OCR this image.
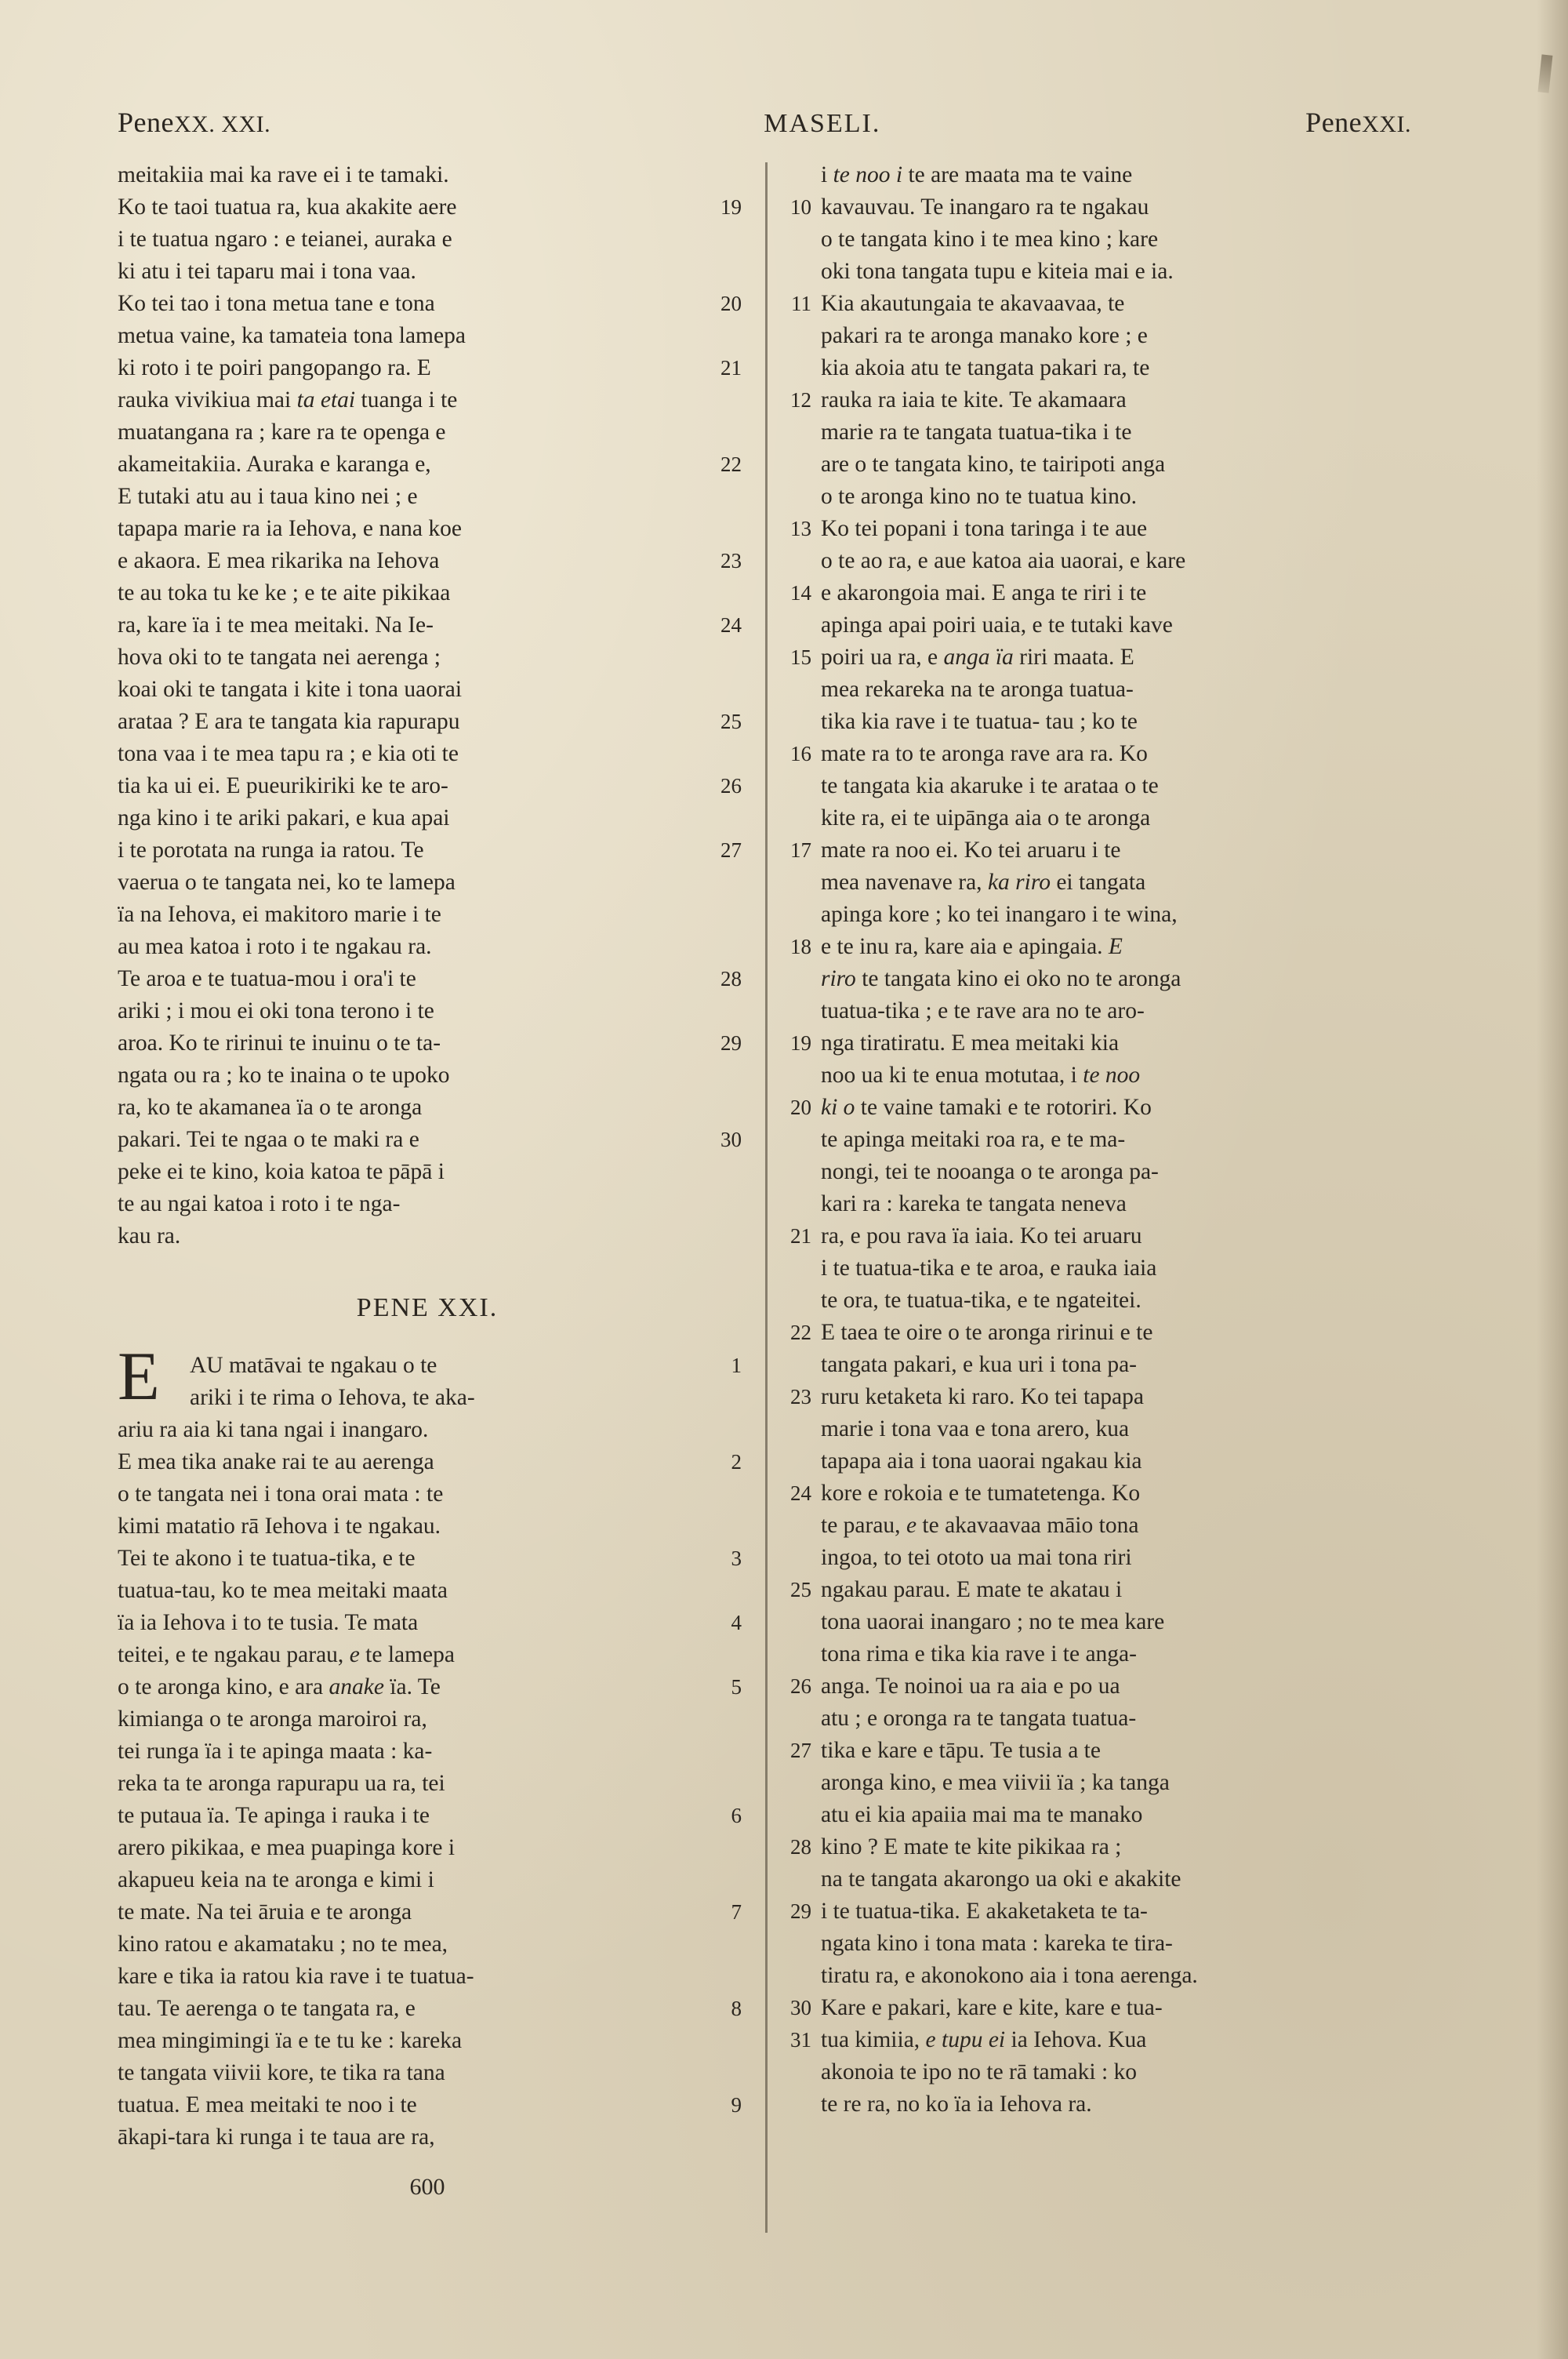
PeneXX. XXI.	MASELI.	PeneXXI.
meitakiia mai ka rave ei i te tamaki.
Ko te taoi tuatua ra, kua akakite aere	19
i te tuatua ngaro : e teianei, auraka e
ki atu i tei taparu mai i tona vaa.
Ko tei tao i tona metua tane e tona	20
metua vaine, ka tamateia tona lamepa
ki roto i te poiri pangopango ra. E	21
rauka vivikiua mai ta etai tuanga i te
muatangana ra ; kare ra te openga e
akameitakiia. Auraka e karanga e,	22
E tutaki atu au i taua kino nei ; e
tapapa marie ra ia Iehova, e nana koe
e akaora. E mea rikarika na Iehova	23
te au toka tu ke ke ; e te aite pikikaa
ra, kare ïa i te mea meitaki. Na Ie-	24
hova oki to te tangata nei aerenga ;
koai oki te tangata i kite i tona uaorai
arataa ? E ara te tangata kia rapurapu	25
tona vaa i te mea tapu ra ; e kia oti te
tia ka ui ei. E pueurikiriki ke te aro-	26
nga kino i te ariki pakari, e kua apai
i te porotata na runga ia ratou. Te	27
vaerua o te tangata nei, ko te lamepa
ïa na Iehova, ei makitoro marie i te
au mea katoa i roto i te ngakau ra.
Te aroa e te tuatua-mou i ora'i te	28
ariki ; i mou ei oki tona terono i te
aroa. Ko te ririnui te inuinu o te ta-	29
ngata ou ra ; ko te inaina o te upoko
ra, ko te akamanea ïa o te aronga
pakari. Tei te ngaa o te maki ra e	30
peke ei te kino, koia katoa te pāpā i
te au ngai katoa i roto i te nga-
kau ra.
PENE XXI.
E AU matāvai te ngakau o te	1
ariki i te rima o Iehova, te aka-
ariu ra aia ki tana ngai i inangaro.
E mea tika anake rai te au aerenga	2
o te tangata nei i tona orai mata : te
kimi matatio rā Iehova i te ngakau.
Tei te akono i te tuatua-tika, e te	3
tuatua-tau, ko te mea meitaki maata
ïa ia Iehova i to te tusia. Te mata	4
teitei, e te ngakau parau, e te lamepa
o te aronga kino, e ara anake ïa. Te	5
kimianga o te aronga maroiroi ra,
tei runga ïa i te apinga maata : ka-
reka ta te aronga rapurapu ua ra, tei
te putaua ïa. Te apinga i rauka i te	6
arero pikikaa, e mea puapinga kore i
akapueu keia na te aronga e kimi i
te mate. Na tei āruia e te aronga	7
kino ratou e akamataku ; no te mea,
kare e tika ia ratou kia rave i te tuatua-
tau. Te aerenga o te tangata ra, e	8
mea mingimingi ïa e te tu ke : kareka
te tangata viivii kore, te tika ra tana
tuatua. E mea meitaki te noo i te	9
ākapi-tara ki runga i te taua are ra,
600
i te noo i te are maata ma te vaine
10 kavauvau. Te inangaro ra te ngakau
o te tangata kino i te mea kino ; kare
oki tona tangata tupu e kiteia mai e ia.
11 Kia akautungaia te akavaavaa, te
pakari ra te aronga manako kore ; e
kia akoia atu te tangata pakari ra, te
12 rauka ra iaia te kite. Te akamaara
marie ra te tangata tuatua-tika i te
are o te tangata kino, te tairipoti anga
o te aronga kino no te tuatua kino.
13 Ko tei popani i tona taringa i te aue
o te ao ra, e aue katoa aia uaorai, e kare
14 e akarongoia mai. E anga te riri i te
apinga apai poiri uaia, e te tutaki kave
15 poiri ua ra, e anga ïa riri maata. E
mea rekareka na te aronga tuatua-
tika kia rave i te tuatua- tau ; ko te
16 mate ra to te aronga rave ara ra. Ko
te tangata kia akaruke i te arataa o te
kite ra, ei te uipānga aia o te aronga
17 mate ra noo ei. Ko tei aruaru i te
mea navenave ra, ka riro ei tangata
apinga kore ; ko tei inangaro i te wina,
18 e te inu ra, kare aia e apingaia. E
riro te tangata kino ei oko no te aronga
tuatua-tika ; e te rave ara no te aro-
19 nga tiratiratu. E mea meitaki kia
noo ua ki te enua motutaa, i te noo
20 ki o te vaine tamaki e te rotoriri. Ko
te apinga meitaki roa ra, e te ma-
nongi, tei te nooanga o te aronga pa-
kari ra : kareka te tangata neneva
21 ra, e pou rava ïa iaia. Ko tei aruaru
i te tuatua-tika e te aroa, e rauka iaia
te ora, te tuatua-tika, e te ngateitei.
22 E taea te oire o te aronga ririnui e te
tangata pakari, e kua uri i tona pa-
23 ruru ketaketa ki raro. Ko tei tapapa
marie i tona vaa e tona arero, kua
tapapa aia i tona uaorai ngakau kia
24 kore e rokoia e te tumatetenga. Ko
te parau, e te akavaavaa māio tona
ingoa, to tei ototo ua mai tona riri
25 ngakau parau. E mate te akatau i
tona uaorai inangaro ; no te mea kare
tona rima e tika kia rave i te anga-
26 anga. Te noinoi ua ra aia e po ua
atu ; e oronga ra te tangata tuatua-
27 tika e kare e tāpu. Te tusia a te
aronga kino, e mea viivii ïa ; ka tanga
atu ei kia apaiia mai ma te manako
28 kino ? E mate te kite pikikaa ra ;
na te tangata akarongo ua oki e akakite
29 i te tuatua-tika. E akaketaketa te ta-
ngata kino i tona mata : kareka te tira-
tiratu ra, e akonokono aia i tona aerenga.
30 Kare e pakari, kare e kite, kare e tua-
31 tua kimiia, e tupu ei ia Iehova. Kua
akonoia te ipo no te rā tamaki : ko
te re ra, no ko ïa ia Iehova ra.
